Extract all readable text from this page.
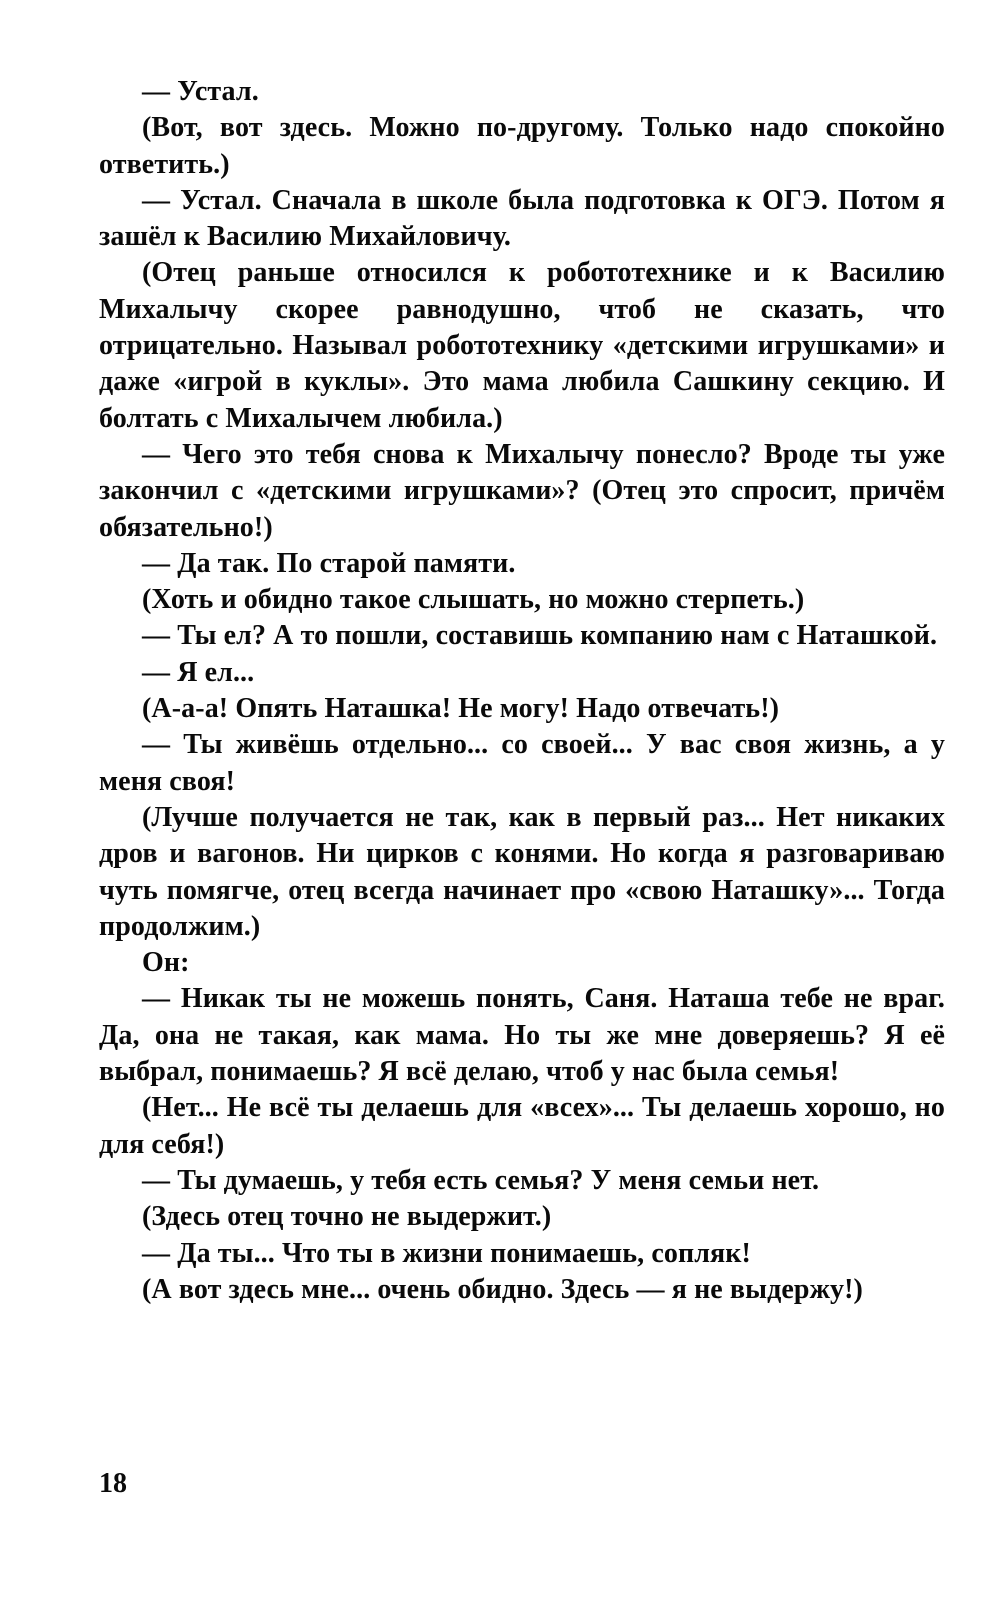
— Устал.

(Вот, вот здесь. Можно по-другому. Только надо спокойно ответить.)

— Устал. Сначала в школе была подготовка к ОГЭ. Потом я зашёл к Василию Михайловичу.

(Отец раньше относился к робототехнике и к Василию Михалычу скорее равнодушно, чтоб не сказать, что отрицательно. Называл робототехнику «детскими игрушками» и даже «игрой в куклы». Это мама любила Сашкину секцию. И болтать с Михалычем любила.)

— Чего это тебя снова к Михалычу понесло? Вроде ты уже закончил с «детскими игрушками»? (Отец это спросит, причём обязательно!)

— Да так. По старой памяти.

(Хоть и обидно такое слышать, но можно стерпеть.)

— Ты ел? А то пошли, составишь компанию нам с Наташкой.

— Я ел...

(А-а-а! Опять Наташка! Не могу! Надо отвечать!)

— Ты живёшь отдельно... со своей... У вас своя жизнь, а у меня своя!

(Лучше получается не так, как в первый раз... Нет никаких дров и вагонов. Ни цирков с конями. Но когда я разговариваю чуть помягче, отец всегда начинает про «свою Наташку»... Тогда продолжим.)

Он:

— Никак ты не можешь понять, Саня. Наташа тебе не враг. Да, она не такая, как мама. Но ты же мне доверяешь? Я её выбрал, понимаешь? Я всё делаю, чтоб у нас была семья!

(Нет... Не всё ты делаешь для «всех»... Ты делаешь хорошо, но для себя!)

— Ты думаешь, у тебя есть семья? У меня семьи нет.

(Здесь отец точно не выдержит.)

— Да ты... Что ты в жизни понимаешь, сопляк!

(А вот здесь мне... очень обидно. Здесь — я не выдержу!)

18
